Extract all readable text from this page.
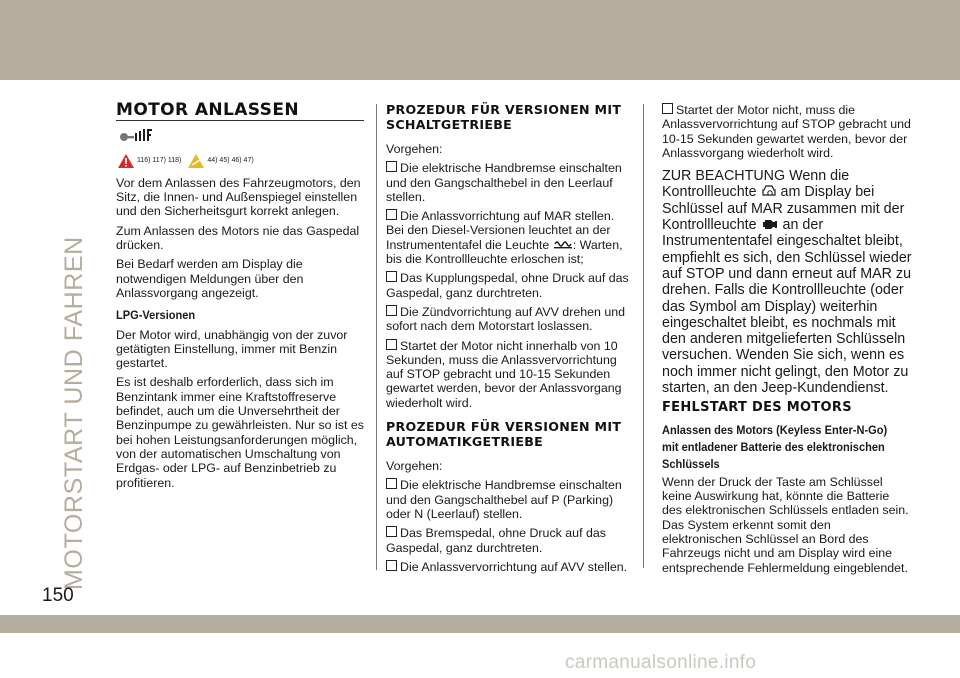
MOTORSTART UND FAHREN
150
MOTOR ANLASSEN
116) 117) 118)	44) 45) 46) 47)

Vor dem Anlassen des Fahrzeugmotors, den Sitz, die Innen- und Außenspiegel einstellen und den Sicherheitsgurt korrekt anlegen.

Zum Anlassen des Motors nie das Gaspedal drücken.

Bei Bedarf werden am Display die notwendigen Meldungen über den Anlassvorgang angezeigt.

LPG-Versionen

Der Motor wird, unabhängig von der zuvor getätigten Einstellung, immer mit Benzin gestartet.

Es ist deshalb erforderlich, dass sich im Benzintank immer eine Kraftstoffreserve befindet, auch um die Unversehrtheit der Benzinpumpe zu gewährleisten. Nur so ist es bei hohen Leistungsanforderungen möglich, von der automatischen Umschaltung von Erdgas- oder LPG- auf Benzinbetrieb zu profitieren.

PROZEDUR FÜR VERSIONEN MIT SCHALTGETRIEBE

Vorgehen:

Die elektrische Handbremse einschalten und den Gangschalthebel in den Leerlauf stellen.

Die Anlassvorrichtung auf MAR stellen. Bei den Diesel-Versionen leuchtet an der Instrumententafel die Leuchte : Warten, bis die Kontrollleuchte erloschen ist;

Das Kupplungspedal, ohne Druck auf das Gaspedal, ganz durchtreten.

Die Zündvorrichtung auf AVV drehen und sofort nach dem Motorstart loslassen.

Startet der Motor nicht innerhalb von 10 Sekunden, muss die Anlassvervorrichtung auf STOP gebracht und 10-15 Sekunden gewartet werden, bevor der Anlassvorgang wiederholt wird.

PROZEDUR FÜR VERSIONEN MIT AUTOMATIKGETRIEBE

Vorgehen:

Die elektrische Handbremse einschalten und den Gangschalthebel auf P (Parking) oder N (Leerlauf) stellen.

Das Bremspedal, ohne Druck auf das Gaspedal, ganz durchtreten.

Die Anlassvervorrichtung auf AVV stellen.

Startet der Motor nicht, muss die Anlassvervorrichtung auf STOP gebracht und 10-15 Sekunden gewartet werden, bevor der Anlassvorgang wiederholt wird.

ZUR BEACHTUNG Wenn die Kontrollleuchte am Display bei Schlüssel auf MAR zusammen mit der Kontrollleuchte an der Instrumententafel eingeschaltet bleibt, empfiehlt es sich, den Schlüssel wieder auf STOP und dann erneut auf MAR zu drehen. Falls die Kontrollleuchte (oder das Symbol am Display) weiterhin eingeschaltet bleibt, es nochmals mit den anderen mitgelieferten Schlüsseln versuchen. Wenden Sie sich, wenn es noch immer nicht gelingt, den Motor zu starten, an den Jeep-Kundendienst.

FEHLSTART DES MOTORS
Anlassen des Motors (Keyless Enter-N-Go)
mit entladener Batterie des elektronischen
Schlüssels

Wenn der Druck der Taste am Schlüssel keine Auswirkung hat, könnte die Batterie des elektronischen Schlüssels entladen sein. Das System erkennt somit den elektronischen Schlüssel an Bord des Fahrzeugs nicht und am Display wird eine entsprechende Fehlermeldung eingeblendet.

carmanualsonline.info
